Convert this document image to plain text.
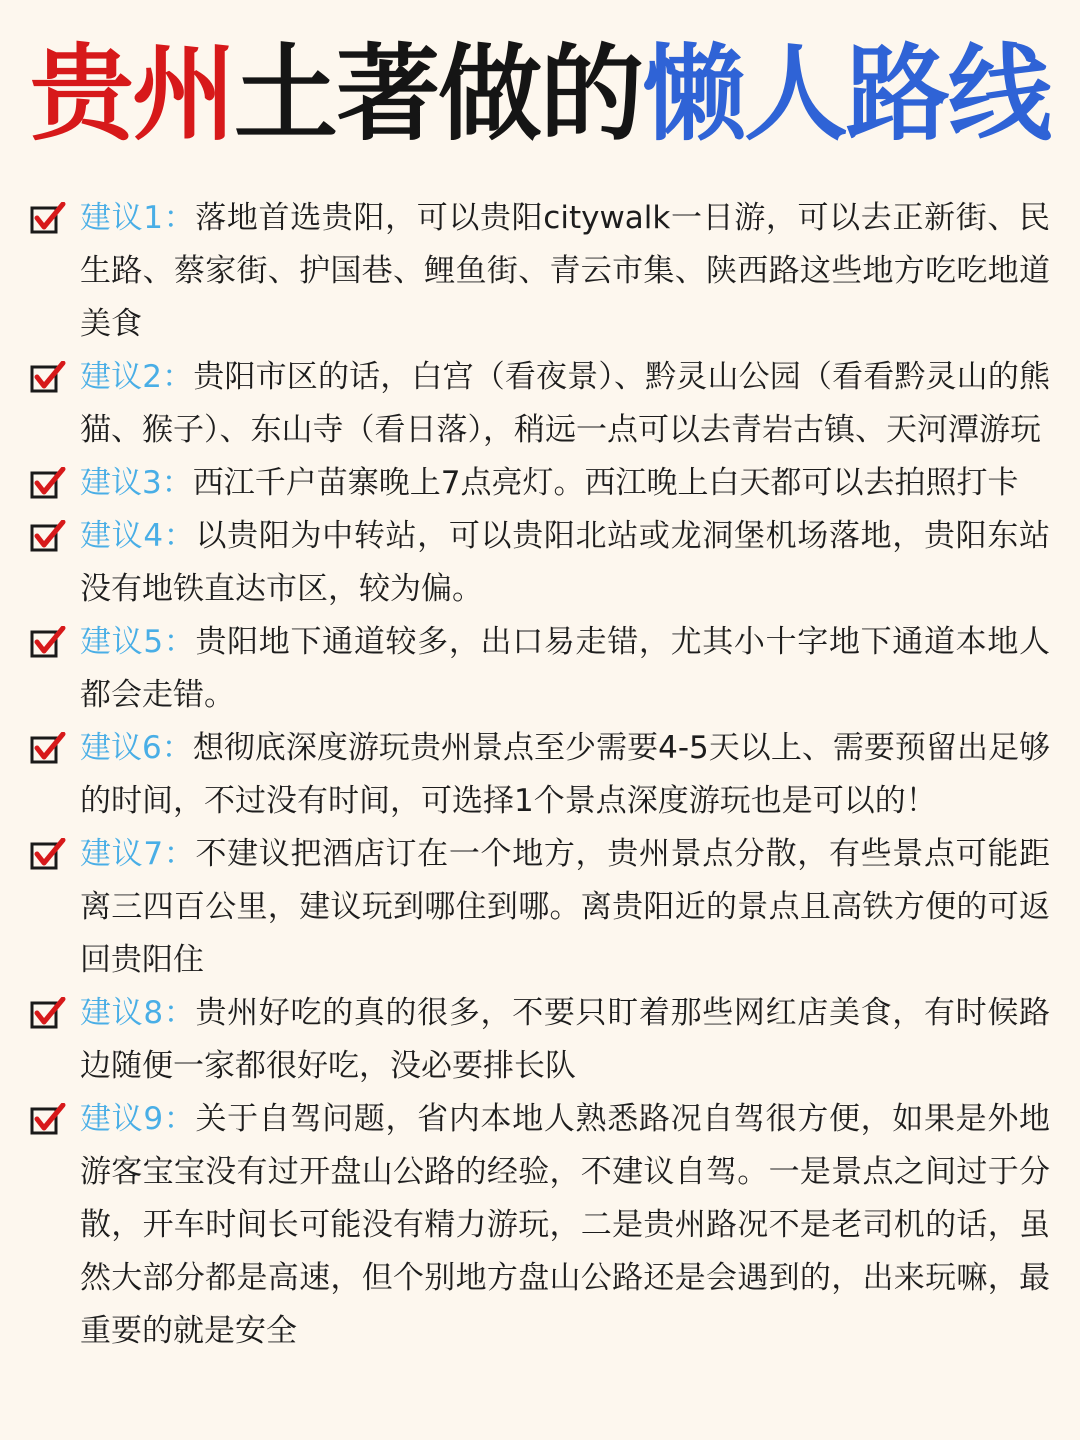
贵州土著做的懒人路线
建议1：落地首选贵阳，可以贵阳citywalk一日游，可以去正新街、民生路、蔡家街、护国巷、鲤鱼街、青云市集、陕西路这些地方吃吃地道美食
建议2：贵阳市区的话，白宫（看夜景）、黔灵山公园（看看黔灵山的熊猫、猴子）、东山寺（看日落），稍远一点可以去青岩古镇、天河潭游玩
建议3：西江千户苗寨晚上7点亮灯。西江晚上白天都可以去拍照打卡
建议4：以贵阳为中转站，可以贵阳北站或龙洞堡机场落地，贵阳东站没有地铁直达市区，较为偏。
建议5：贵阳地下通道较多，出口易走错，尤其小十字地下通道本地人都会走错。
建议6：想彻底深度游玩贵州景点至少需要4-5天以上、需要预留出足够的时间，不过没有时间，可选择1个景点深度游玩也是可以的！
建议7：不建议把酒店订在一个地方，贵州景点分散，有些景点可能距离三四百公里，建议玩到哪住到哪。离贵阳近的景点且高铁方便的可返回贵阳住
建议8：贵州好吃的真的很多，不要只盯着那些网红店美食，有时候路边随便一家都很好吃，没必要排长队
建议9：关于自驾问题，省内本地人熟悉路况自驾很方便，如果是外地游客宝宝没有过开盘山公路的经验，不建议自驾。一是景点之间过于分散，开车时间长可能没有精力游玩，二是贵州路况不是老司机的话，虽然大部分都是高速，但个别地方盘山公路还是会遇到的，出来玩嘛，最重要的就是安全
